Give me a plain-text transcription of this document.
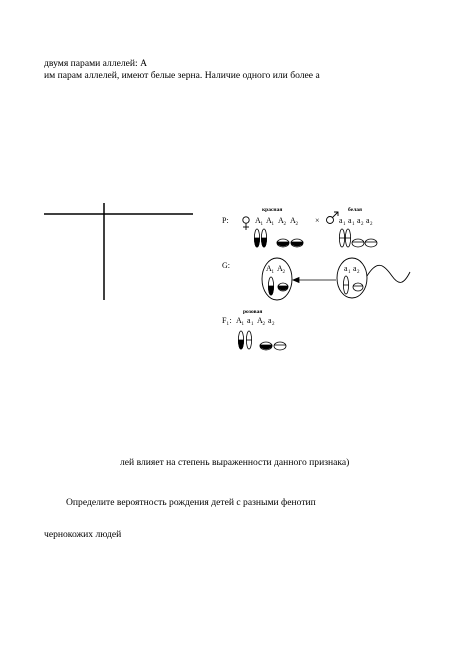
двумя парами аллелей: А
им парам аллелей, имеют белые зерна. Наличие одного или более а
лей влияет на степень выраженности данного признака)
Определите вероятность рождения детей с разными фенотип
чернокожих людей
P:
красная	белая
A 1 A 1 A 2 A 2 × a 1 a 1 a 2 a 2
G:	A 1 A 2	a 1 a 2
розовая
F 1 : A 1 a 1 A 2 a 2
